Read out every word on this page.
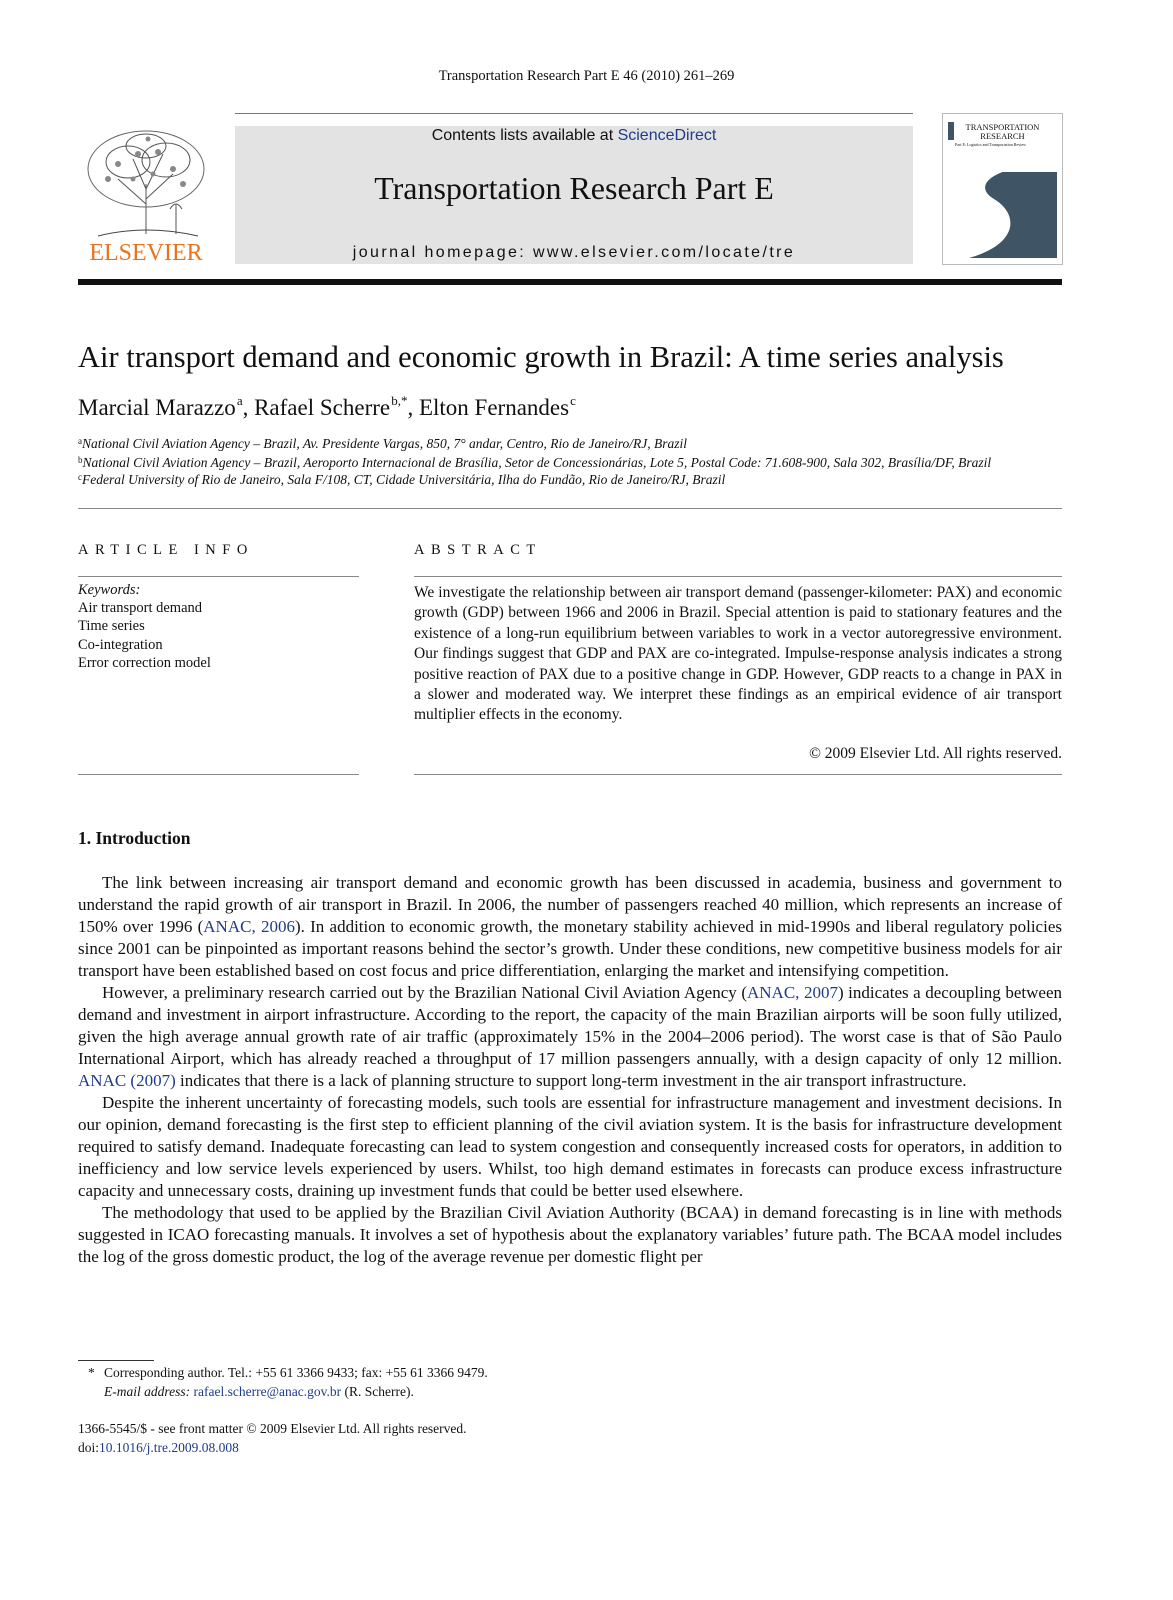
Transportation Research Part E 46 (2010) 261–269
ELSEVIER
Contents lists available at ScienceDirect
Transportation Research Part E
journal homepage: www.elsevier.com/locate/tre
TRANSPORTATION
RESEARCH
Part E: Logistics and Transportation Review
Air transport demand and economic growth in Brazil: A time series analysis
Marcial Marazzo $^a$, Rafael Scherre $^{b,*}$, Elton Fernandes $^c$
$^a$National Civil Aviation Agency – Brazil, Av. Presidente Vargas, 850, 7° andar, Centro, Rio de Janeiro/RJ, Brazil
$^b$National Civil Aviation Agency – Brazil, Aeroporto Internacional de Brasília, Setor de Concessionárias, Lote 5, Postal Code: 71.608-900, Sala 302, Brasília/DF, Brazil
$^c$Federal University of Rio de Janeiro, Sala F/108, CT, Cidade Universitária, Ilha do Fundão, Rio de Janeiro/RJ, Brazil
ARTICLE INFO
Keywords:
Air transport demand
Time series
Co-integration
Error correction model
ABSTRACT
We investigate the relationship between air transport demand (passenger-kilometer: PAX) and economic growth (GDP) between 1966 and 2006 in Brazil. Special attention is paid to stationary features and the existence of a long-run equilibrium between variables to work in a vector autoregressive environment. Our findings suggest that GDP and PAX are co-integrated. Impulse-response analysis indicates a strong positive reaction of PAX due to a positive change in GDP. However, GDP reacts to a change in PAX in a slower and moderated way. We interpret these findings as an empirical evidence of air transport multiplier effects in the economy.
© 2009 Elsevier Ltd. All rights reserved.
1. Introduction

The link between increasing air transport demand and economic growth has been discussed in academia, business and government to understand the rapid growth of air transport in Brazil. In 2006, the number of passengers reached 40 million, which represents an increase of 150% over 1996 (ANAC, 2006). In addition to economic growth, the monetary stability achieved in mid-1990s and liberal regulatory policies since 2001 can be pinpointed as important reasons behind the sector’s growth. Under these conditions, new competitive business models for air transport have been established based on cost focus and price differentiation, enlarging the market and intensifying competition.

However, a preliminary research carried out by the Brazilian National Civil Aviation Agency (ANAC, 2007) indicates a decoupling between demand and investment in airport infrastructure. According to the report, the capacity of the main Brazilian airports will be soon fully utilized, given the high average annual growth rate of air traffic (approximately 15% in the 2004–2006 period). The worst case is that of São Paulo International Airport, which has already reached a throughput of 17 million passengers annually, with a design capacity of only 12 million. ANAC (2007) indicates that there is a lack of planning structure to support long-term investment in the air transport infrastructure.

Despite the inherent uncertainty of forecasting models, such tools are essential for infrastructure management and investment decisions. In our opinion, demand forecasting is the first step to efficient planning of the civil aviation system. It is the basis for infrastructure development required to satisfy demand. Inadequate forecasting can lead to system congestion and consequently increased costs for operators, in addition to inefficiency and low service levels experienced by users. Whilst, too high demand estimates in forecasts can produce excess infrastructure capacity and unnecessary costs, draining up investment funds that could be better used elsewhere.

The methodology that used to be applied by the Brazilian Civil Aviation Authority (BCAA) in demand forecasting is in line with methods suggested in ICAO forecasting manuals. It involves a set of hypothesis about the explanatory variables’ future path. The BCAA model includes the log of the gross domestic product, the log of the average revenue per domestic flight per

* Corresponding author. Tel.: +55 61 3366 9433; fax: +55 61 3366 9479.
E-mail address: rafael.scherre@anac.gov.br (R. Scherre).
1366-5545/$ - see front matter © 2009 Elsevier Ltd. All rights reserved.
doi:10.1016/j.tre.2009.08.008
